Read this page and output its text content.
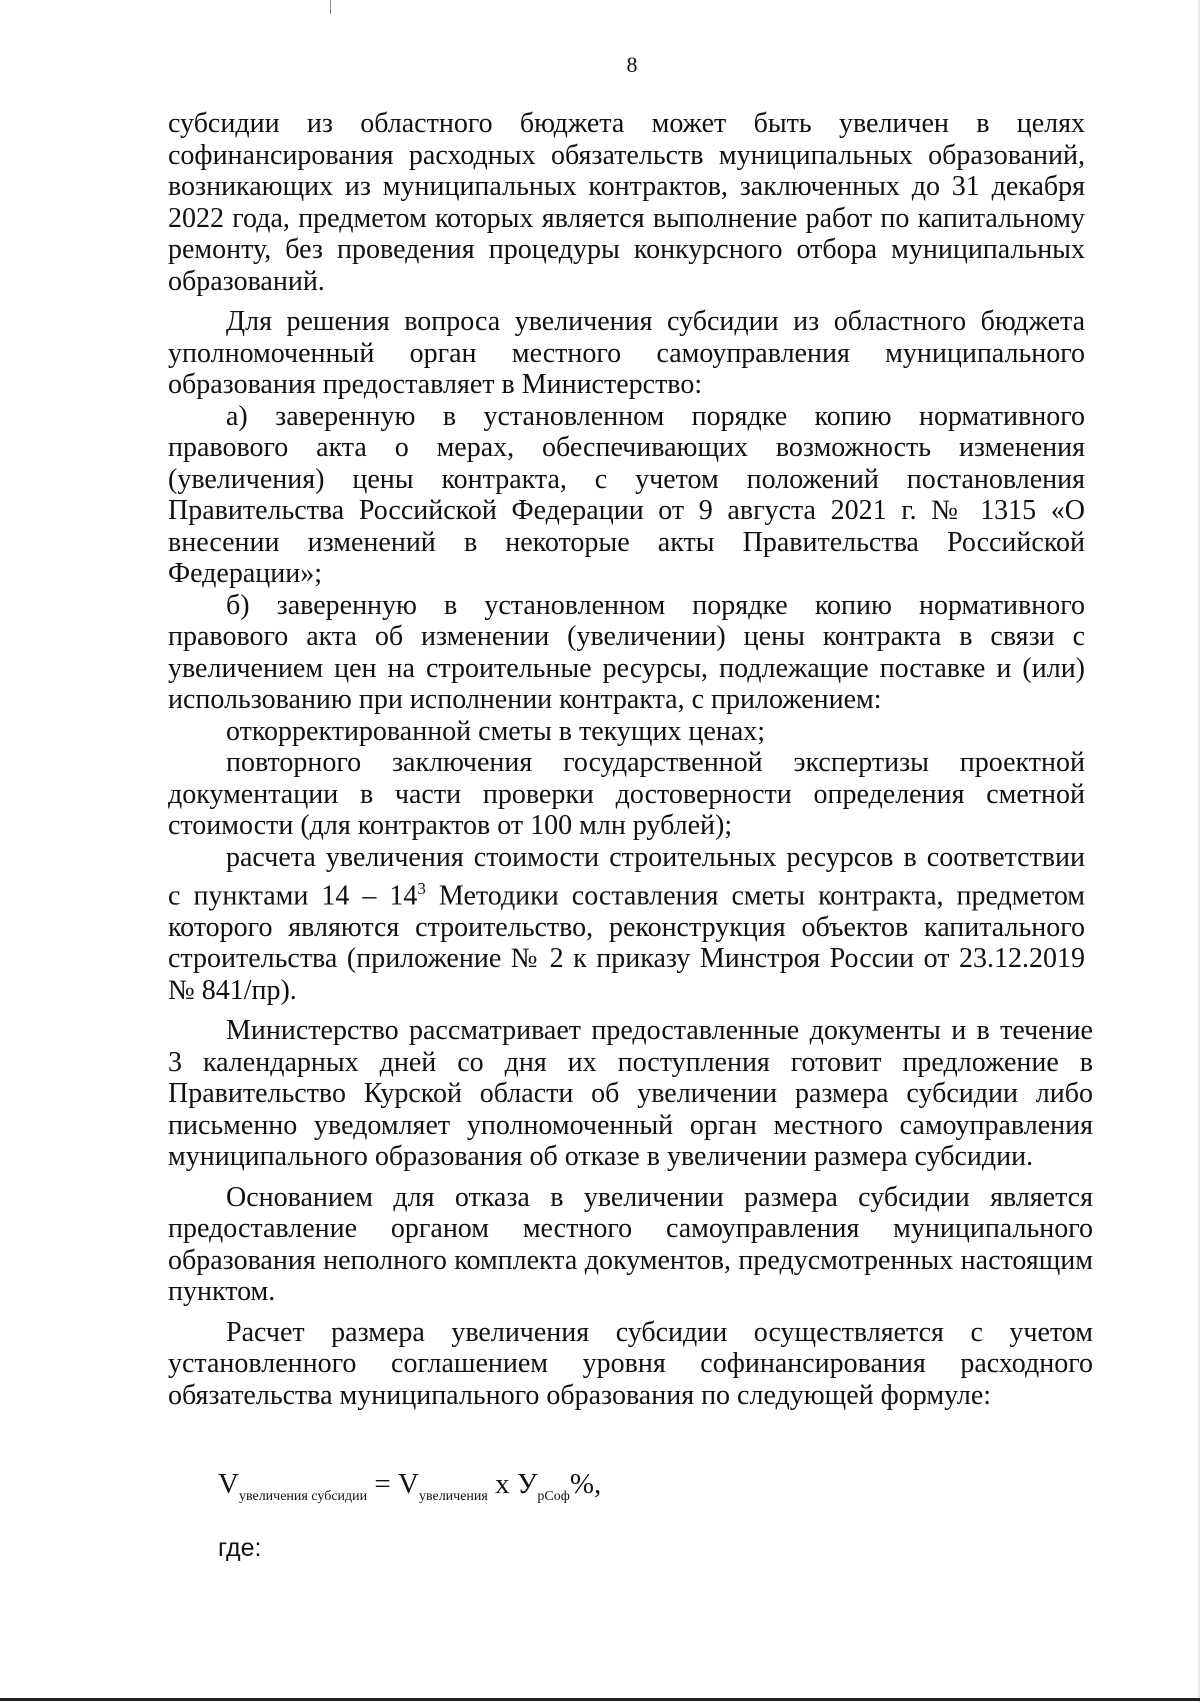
8

субсидии из областного бюджета может быть увеличен в целях софинансирования расходных обязательств муниципальных образований, возникающих из муниципальных контрактов, заключенных до 31 декабря 2022 года, предметом которых является выполнение работ по капитальному ремонту, без проведения процедуры конкурсного отбора муниципальных образований.

Для решения вопроса увеличения субсидии из областного бюджета уполномоченный орган местного самоуправления муниципального образования предоставляет в Министерство:

а) заверенную в установленном порядке копию нормативного правового акта о мерах, обеспечивающих возможность изменения (увеличения) цены контракта, с учетом положений постановления Правительства Российской Федерации от 9 августа 2021 г. № 1315 «О внесении изменений в некоторые акты Правительства Российской Федерации»;

б) заверенную в установленном порядке копию нормативного правового акта об изменении (увеличении) цены контракта в связи с увеличением цен на строительные ресурсы, подлежащие поставке и (или) использованию при исполнении контракта, с приложением:

откорректированной сметы в текущих ценах;

повторного заключения государственной экспертизы проектной документации в части проверки достоверности определения сметной стоимости (для контрактов от 100 млн рублей);

расчета увеличения стоимости строительных ресурсов в соответствии с пунктами $14 - 14^3$ Методики составления сметы контракта, предметом которого являются строительство, реконструкция объектов капитального строительства (приложение № 2 к приказу Минстроя России от 23.12.2019 № 841/пр).

Министерство рассматривает предоставленные документы и в течение 3 календарных дней со дня их поступления готовит предложение в Правительство Курской области об увеличении размера субсидии либо письменно уведомляет уполномоченный орган местного самоуправления муниципального образования об отказе в увеличении размера субсидии.

Основанием для отказа в увеличении размера субсидии является предоставление органом местного самоуправления муниципального образования неполного комплекта документов, предусмотренных настоящим пунктом.

Расчет размера увеличения субсидии осуществляется с учетом установленного соглашением уровня софинансирования расходного обязательства муниципального образования по следующей формуле:

$V_{увеличения субсидии} = V_{увеличения}$ x $У_{рСоф}\%$,
где:
